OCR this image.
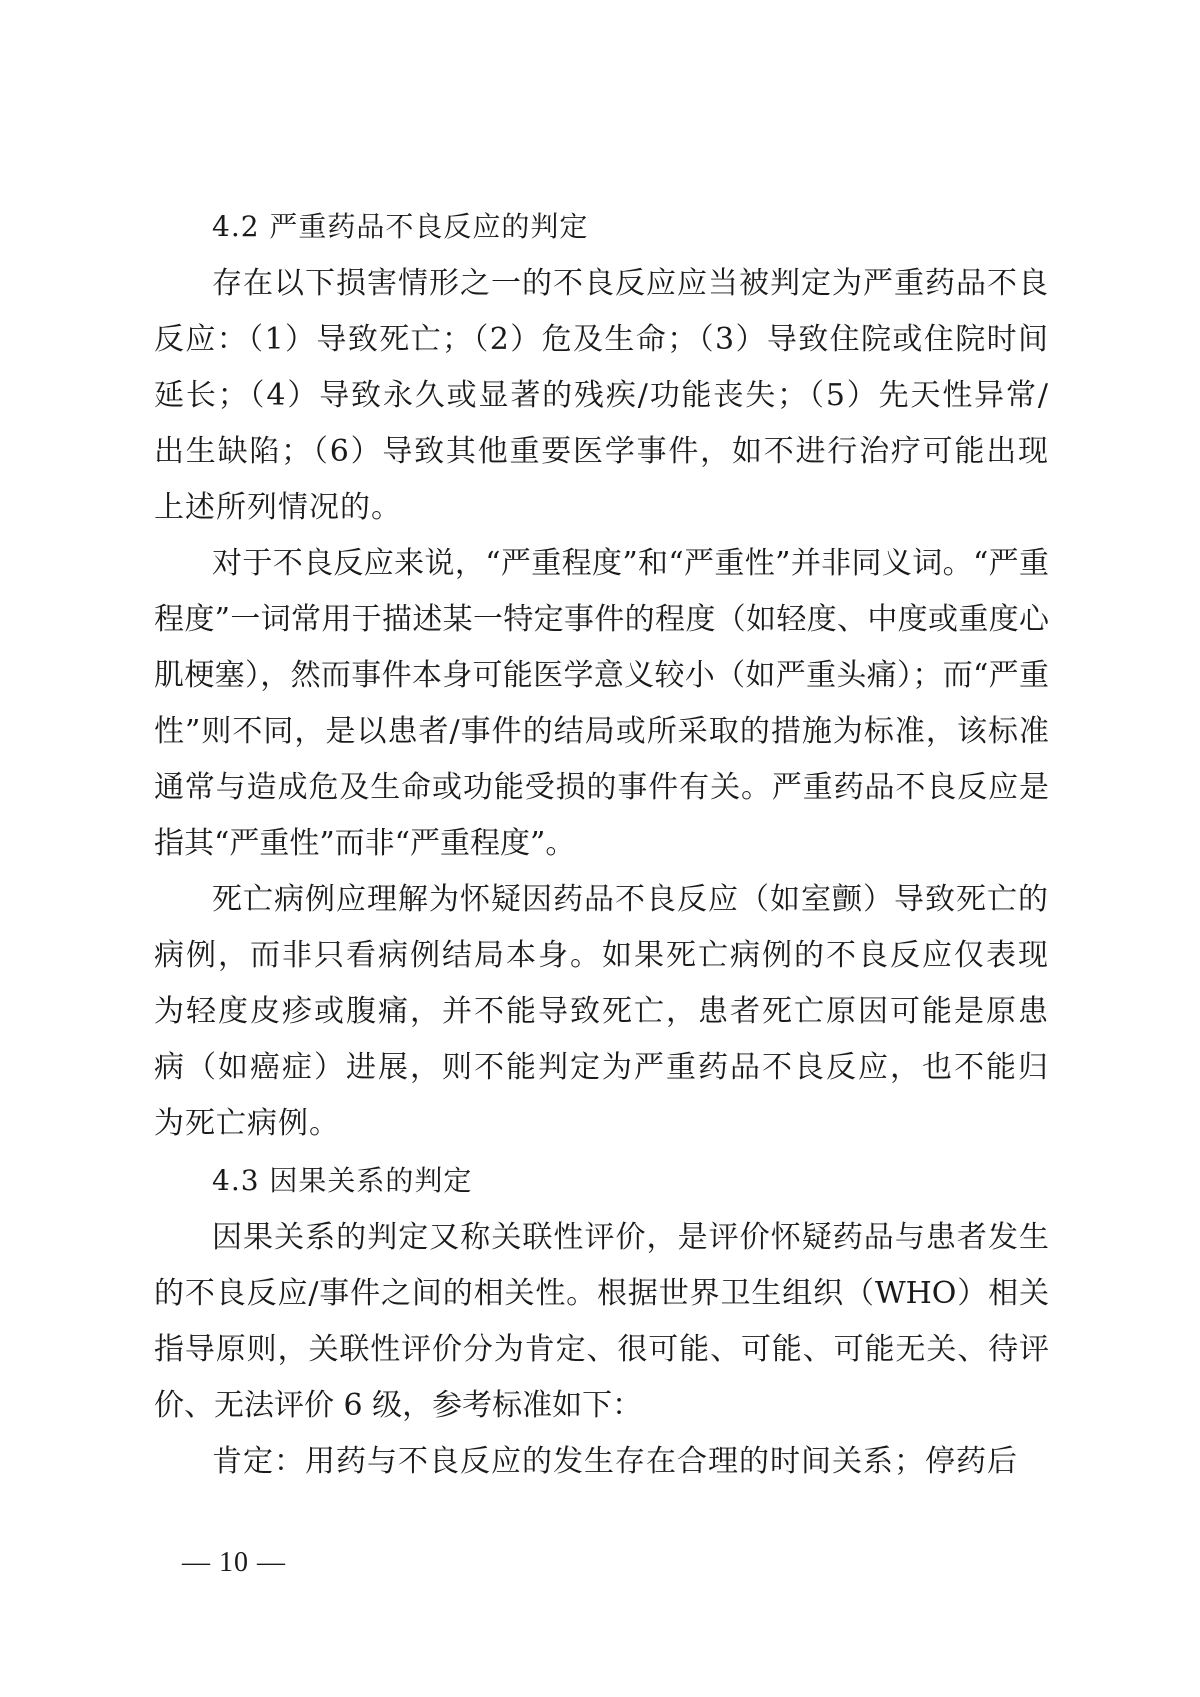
4.2 严重药品不良反应的判定

存在以下损害情形之一的不良反应应当被判定为严重药品不良反应：（1）导致死亡；（2）危及生命；（3）导致住院或住院时间延长；（4）导致永久或显著的残疾/功能丧失；（5）先天性异常/出生缺陷；（6）导致其他重要医学事件，如不进行治疗可能出现上述所列情况的。

对于不良反应来说，“严重程度”和“严重性”并非同义词。“严重程度”一词常用于描述某一特定事件的程度（如轻度、中度或重度心肌梗塞），然而事件本身可能医学意义较小（如严重头痛）；而“严重性”则不同，是以患者/事件的结局或所采取的措施为标准，该标准通常与造成危及生命或功能受损的事件有关。严重药品不良反应是指其“严重性”而非“严重程度”。

死亡病例应理解为怀疑因药品不良反应（如室颤）导致死亡的病例，而非只看病例结局本身。如果死亡病例的不良反应仅表现为轻度皮疹或腹痛，并不能导致死亡，患者死亡原因可能是原患病（如癌症）进展，则不能判定为严重药品不良反应，也不能归为死亡病例。

4.3 因果关系的判定

因果关系的判定又称关联性评价，是评价怀疑药品与患者发生的不良反应/事件之间的相关性。根据世界卫生组织（WHO）相关指导原则，关联性评价分为肯定、很可能、可能、可能无关、待评价、无法评价 6 级，参考标准如下：

肯定：用药与不良反应的发生存在合理的时间关系；停药后

— 10 —
